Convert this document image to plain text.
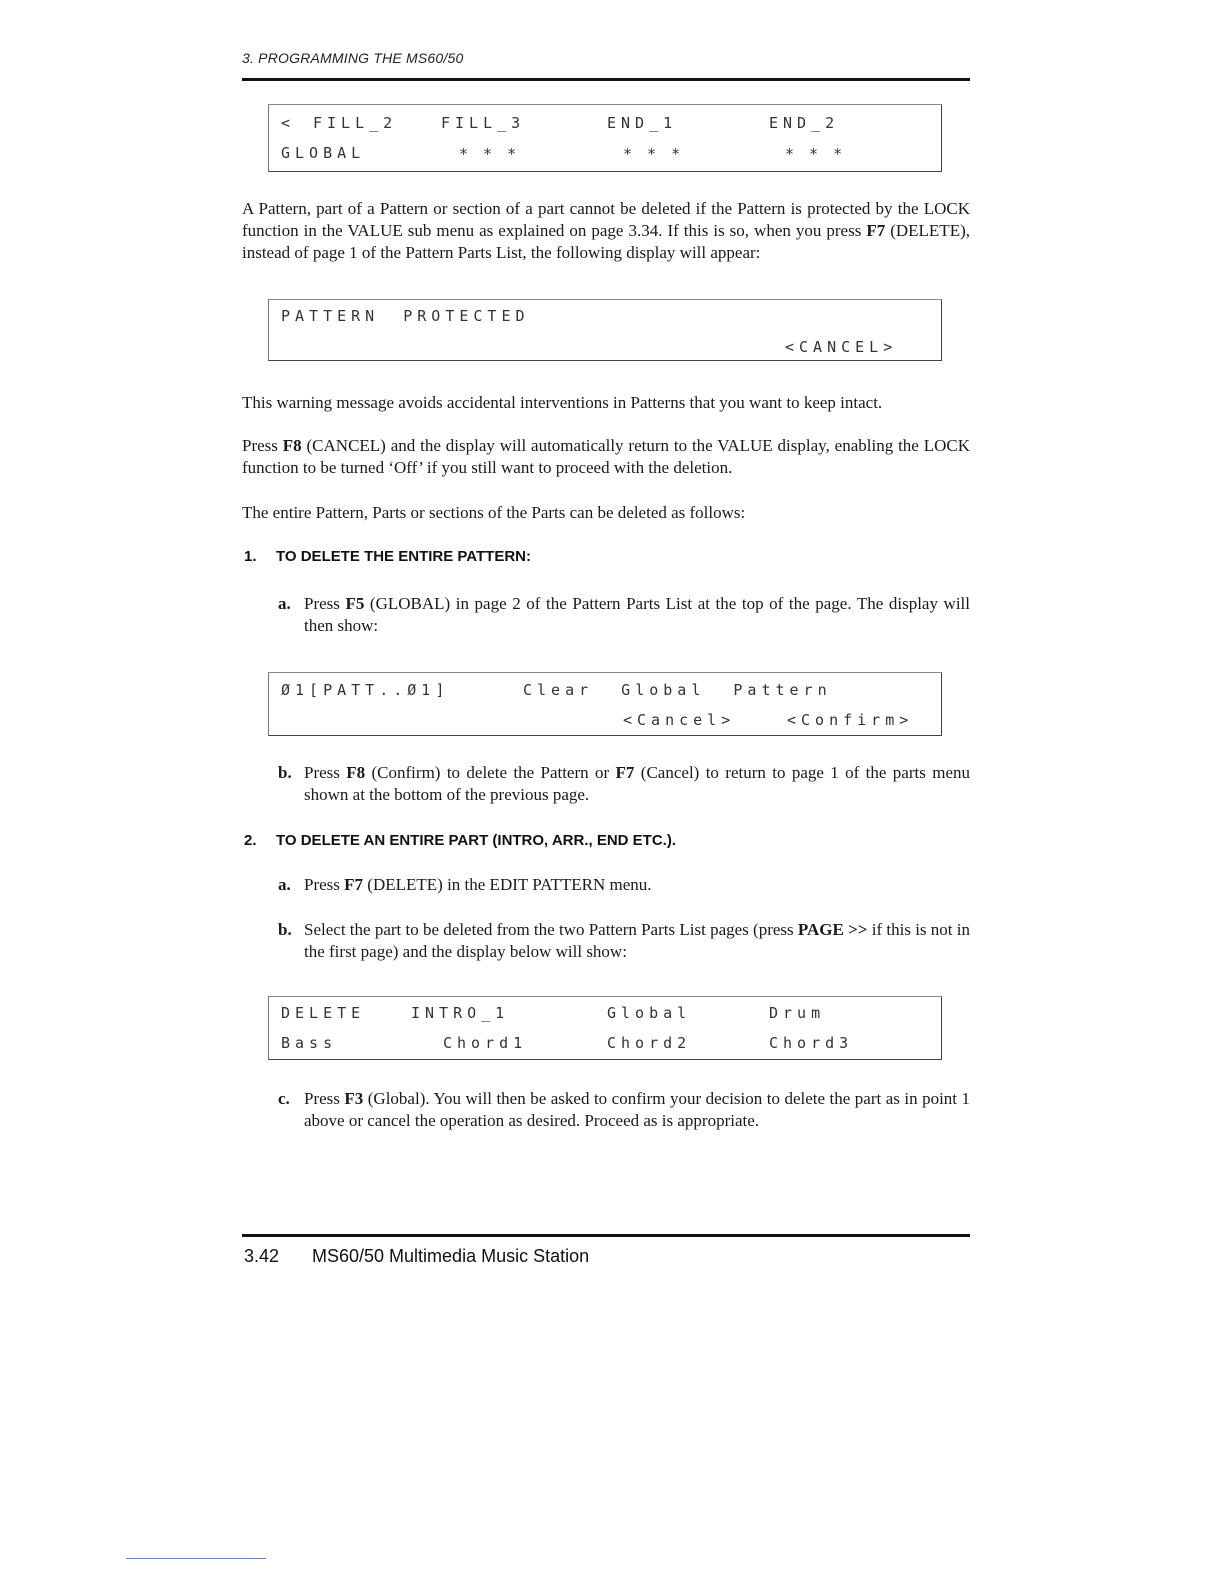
3. PROGRAMMING THE MS60/50
< FILL_2	FILL_3	END_1	END_2
GLOBAL	* * *	* * *	* * *
A Pattern, part of a Pattern or section of a part cannot be deleted if the Pattern is protected by the LOCK function in the VALUE sub menu as explained on page 3.34. If this is so, when you press F7 (DELETE), instead of page 1 of the Pattern Parts List, the following display will appear:
PATTERN PROTECTED
<CANCEL>
This warning message avoids accidental interventions in Patterns that you want to keep intact.
Press F8 (CANCEL) and the display will automatically return to the VALUE display, enabling the LOCK function to be turned ‘Off’ if you still want to proceed with the deletion.
The entire Pattern, Parts or sections of the Parts can be deleted as follows:
1. TO DELETE THE ENTIRE PATTERN:
a. Press F5 (GLOBAL) in page 2 of the Pattern Parts List at the top of the page. The display will then show:
Ø1[PATT..Ø1]	Clear Global Pattern
<Cancel>	<Confirm>
b. Press F8 (Confirm) to delete the Pattern or F7 (Cancel) to return to page 1 of the parts menu shown at the bottom of the previous page.
2. TO DELETE AN ENTIRE PART (INTRO, ARR., END ETC.).
a. Press F7 (DELETE) in the EDIT PATTERN menu.
b. Select the part to be deleted from the two Pattern Parts List pages (press PAGE >> if this is not in the first page) and the display below will show:
DELETE	INTRO_1	Global	Drum
Bass	Chord1	Chord2	Chord3
c. Press F3 (Global). You will then be asked to confirm your decision to delete the part as in point 1 above or cancel the operation as desired. Proceed as is appropriate.
3.42 MS60/50 Multimedia Music Station
